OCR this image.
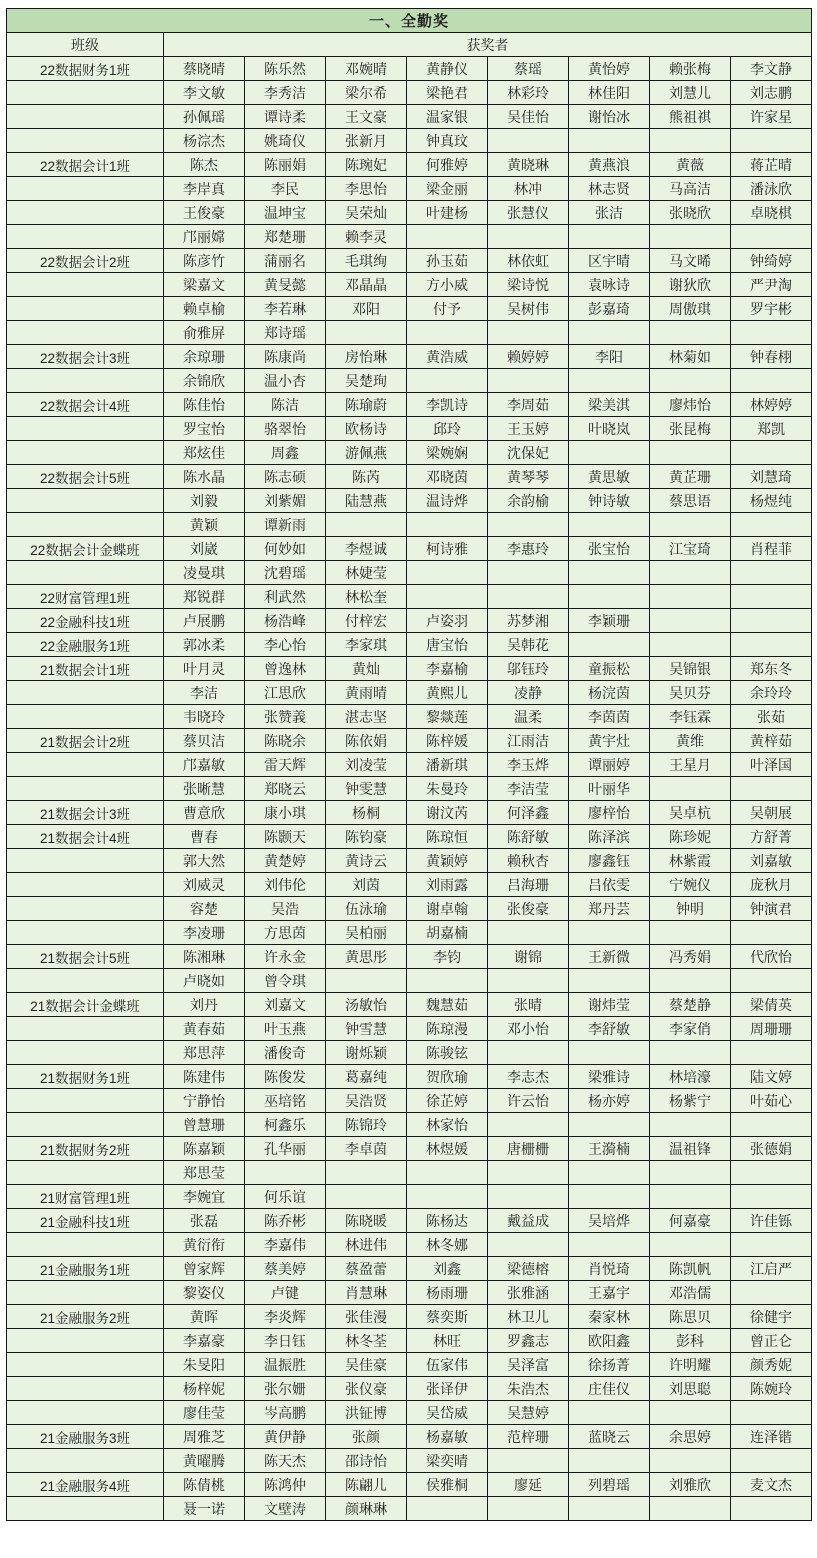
一、全勤奖								
班级	获奖者							
22数据财务1班	蔡晓晴	陈乐然	邓婉晴	黄静仪	蔡瑶	黄怡婷	赖张梅	李文静
	李文敏	李秀洁	梁尔希	梁艳君	林彩玲	林佳阳	刘慧儿	刘志鹏
	孙佩瑶	谭诗柔	王文豪	温家银	吴佳怡	谢怡冰	熊祖祺	许家星
	杨淙杰	姚琦仪	张新月	钟真玟				
22数据会计1班	陈杰	陈丽娟	陈琬妃	何雅婷	黄晓琳	黄燕浪	黄薇	蒋芷晴
	李岸真	李民	李思怡	梁金丽	林冲	林志贤	马高洁	潘泳欣
	王俊豪	温坤宝	吴荣灿	叶建杨	张慧仪	张洁	张晓欣	卓晓棋
	邝丽嫦	郑楚珊	赖李灵					
22数据会计2班	陈彦竹	蒲丽名	毛琪绚	孙玉茹	林依虹	区宇晴	马文晞	钟绮婷
	梁嘉文	黄旻懿	邓晶晶	方小威	梁诗悦	袁咏诗	谢狄欣	严尹淘
	赖卓榆	李若琳	邓阳	付予	吴树伟	彭嘉琦	周傲琪	罗宇彬
	俞雅屏	郑诗瑶						
22数据会计3班	余琼珊	陈康尚	房怡琳	黄浩威	赖婷婷	李阳	林菊如	钟春栩
	余锦欣	温小杏	吴楚珣					
22数据会计4班	陈佳怡	陈洁	陈瑜蔚	李凯诗	李周茹	梁美淇	廖炜怡	林婷婷
	罗宝怡	骆翠怡	欧杨诗	邱玲	王玉婷	叶晓岚	张昆梅	郑凯
	郑炫佳	周鑫	游佩燕	梁婉娴	沈保妃			
22数据会计5班	陈水晶	陈志硕	陈芮	邓晓茵	黄琴琴	黄思敏	黄芷珊	刘慧琦
	刘毅	刘紫媚	陆慧燕	温诗烨	余韵榆	钟诗敏	蔡思语	杨煜纯
	黄颖	谭新雨						
22数据会计金蝶班	刘崴	何妙如	李煜诚	柯诗雅	李惠玲	张宝怡	江宝琦	肖程菲
	凌曼琪	沈碧瑶	林婕莹					
22财富管理1班	郑锐群	利武然	林松奎					
22金融科技1班	卢展鹏	杨浩峰	付梓宏	卢姿羽	苏梦湘	李颖珊		
22金融服务1班	郭冰柔	李心怡	李家琪	唐宝怡	吴韩花			
21数据会计1班	叶月灵	曾逸林	黄灿	李嘉榆	邬钰玲	童振松	吴锦银	郑东冬
	李洁	江思欣	黄雨晴	黄熙儿	凌静	杨浣茵	吴贝芬	余玲玲
	韦晓玲	张赞義	湛志坚	黎燚莲	温柔	李茵茵	李钰霖	张茹
21数据会计2班	蔡贝洁	陈晓余	陈依娟	陈梓媛	江雨洁	黄宇灶	黄维	黄梓茹
	邝嘉敏	雷天辉	刘凌莹	潘新琪	李玉烨	谭丽婷	王星月	叶泽国
	张晰慧	郑晓云	钟雯慧	朱曼玲	李洁莹	叶丽华		
21数据会计3班	曹意欣	康小琪	杨桐	谢汶芮	何泽鑫	廖梓怡	吴卓杭	吴朝展
21数据会计4班	曹春	陈颢天	陈钧豪	陈琼恒	陈舒敏	陈泽滨	陈珍妮	方舒菁
	郭大然	黄楚婷	黄诗云	黄颖婷	赖秋杏	廖鑫钰	林紫霞	刘嘉敏
	刘威灵	刘伟伦	刘茵	刘雨露	吕海珊	吕依雯	宁婉仪	庞秋月
	容楚	吴浩	伍泳瑜	谢卓翰	张俊豪	郑丹芸	钟明	钟演君
	李凌珊	方思茵	吴柏丽	胡嘉楠				
21数据会计5班	陈湘琳	许永金	黄思彤	李钧	谢锦	王新微	冯秀娟	代欣怡
	卢晓如	曾令琪						
21数据会计金蝶班	刘丹	刘嘉文	汤敏怡	魏慧茹	张晴	谢炜莹	蔡楚静	梁倩英
	黄春茹	叶玉燕	钟雪慧	陈琼漫	邓小怡	李舒敏	李家俏	周珊珊
	郑思萍	潘俊奇	谢烁颖	陈骏铉				
21数据财务1班	陈建伟	陈俊发	葛嘉纯	贺欣瑜	李志杰	梁雅诗	林培濠	陆文婷
	宁静怡	巫培铭	吴浩贤	徐芷婷	许云怡	杨亦婷	杨紫宁	叶茹心
	曾慧珊	柯鑫乐	陈锦玲	林家怡				
21数据财务2班	陈嘉颖	孔华丽	李卓茵	林煜媛	唐栅栅	王漪楠	温祖锋	张德娟
	郑思莹							
21财富管理1班	李婉宜	何乐谊						
21金融科技1班	张磊	陈乔彬	陈晓暖	陈杨达	戴益成	吴培烨	何嘉豪	许佳铄
	黄衍衔	李嘉伟	林进伟	林冬娜				
21金融服务1班	曾家辉	蔡美婷	蔡盈蕾	刘鑫	梁德榕	肖悦琦	陈凯帆	江启严
	黎姿仪	卢键	肖慧琳	杨雨珊	张雅涵	王嘉宇	邓浩儒	
21金融服务2班	黄晖	李炎辉	张佳漫	蔡奕斯	林卫儿	秦家林	陈思贝	徐健宇
	李嘉豪	李日钰	林冬荃	林旺	罗鑫志	欧阳鑫	彭科	曾正仑
	朱旻阳	温振胜	吴佳豪	伍家伟	吴泽富	徐扬菁	许明耀	颜秀妮
	杨梓妮	张尔姗	张仪豪	张译伊	朱浩杰	庄佳仪	刘思聪	陈婉玲
	廖佳莹	岑高鹏	洪钲博	吴岱威	吴慧婷			
21金融服务3班	周雅芝	黄伊静	张颜	杨嘉敏	范梓珊	蓝晓云	余思婷	连泽锴
	黄曜腾	陈天杰	邵诗怡	梁奕晴				
21金融服务4班	陈倩桃	陈鸿仲	陈翩儿	侯雅桐	廖延	列碧瑶	刘雅欣	麦文杰
	聂一诺	文壁涛	颜琳琳					
